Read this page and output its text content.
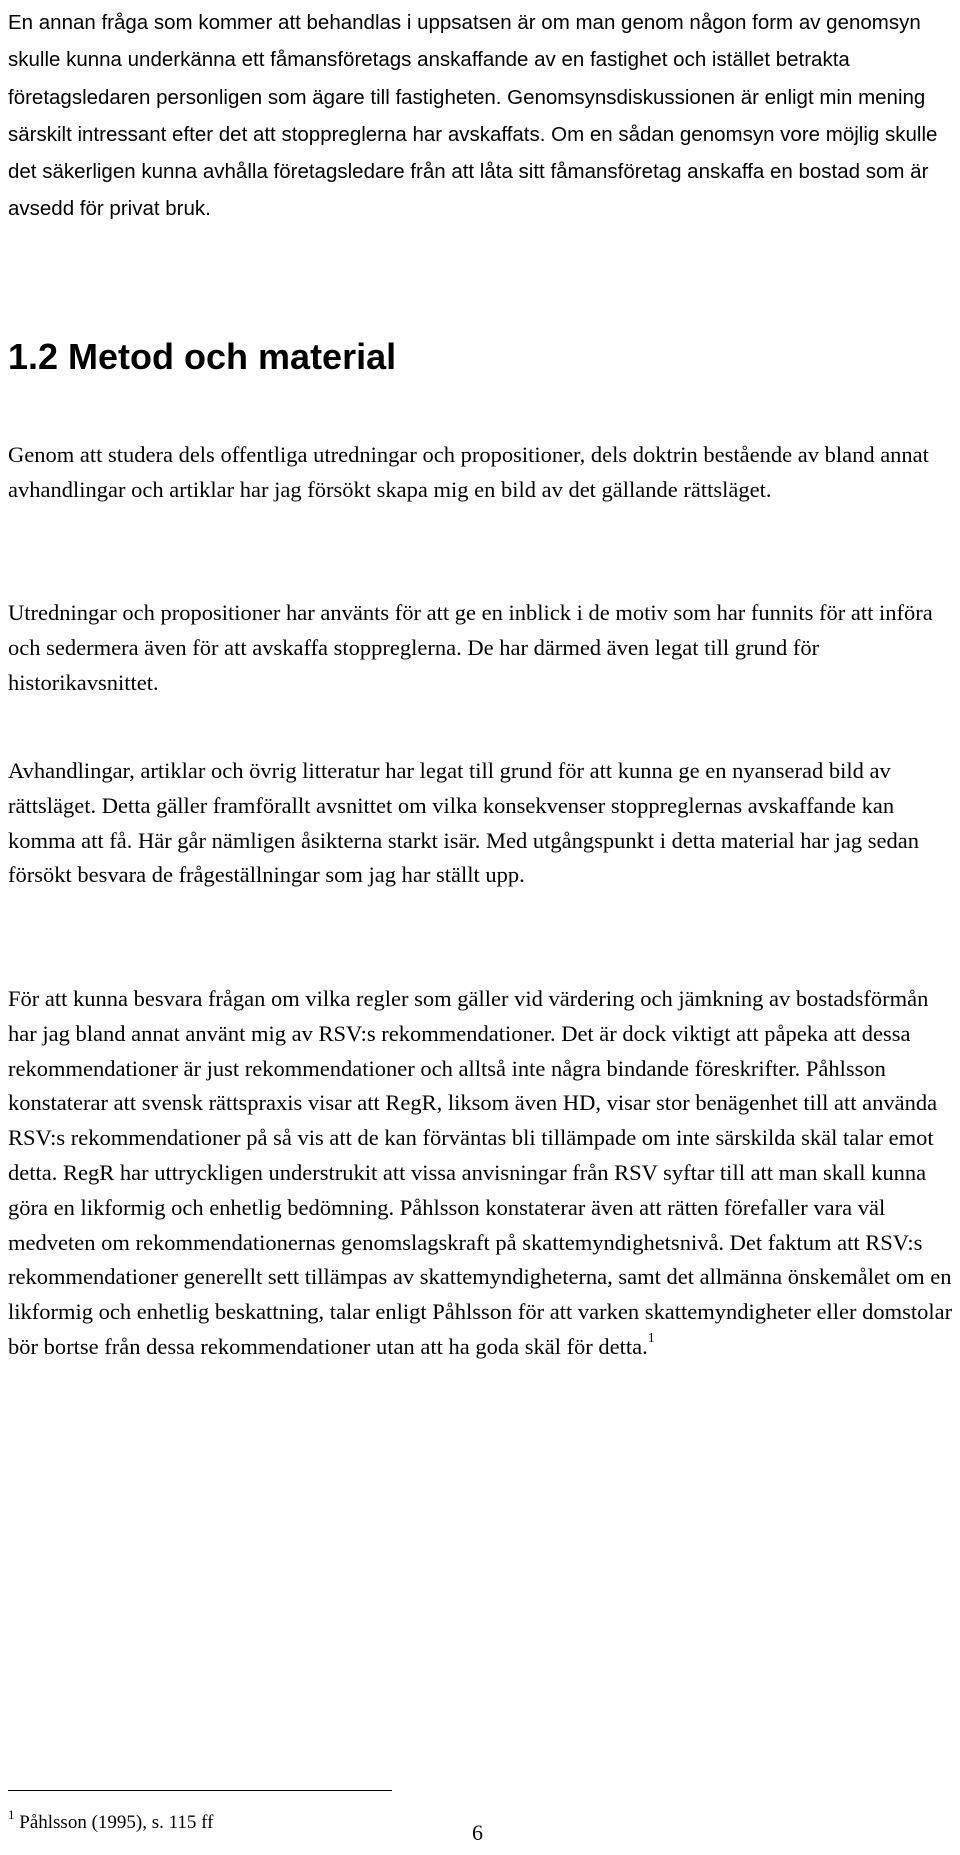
En annan fråga som kommer att behandlas i uppsatsen är om man genom någon form av genomsyn skulle kunna underkänna ett fåmansföretags anskaffande av en fastighet och istället betrakta företagsledaren personligen som ägare till fastigheten. Genomsynsdiskussionen är enligt min mening särskilt intressant efter det att stoppreglerna har avskaffats. Om en sådan genomsyn vore möjlig skulle det säkerligen kunna avhålla företagsledare från att låta sitt fåmansföretag anskaffa en bostad som är avsedd för privat bruk.

1.2 Metod och material

Genom att studera dels offentliga utredningar och propositioner, dels doktrin bestående av bland annat avhandlingar och artiklar har jag försökt skapa mig en bild av det gällande rättsläget.

Utredningar och propositioner har använts för att ge en inblick i de motiv som har funnits för att införa och sedermera även för att avskaffa stoppreglerna. De har därmed även legat till grund för historikavsnittet.

Avhandlingar, artiklar och övrig litteratur har legat till grund för att kunna ge en nyanserad bild av rättsläget. Detta gäller framförallt avsnittet om vilka konsekvenser stoppreglernas avskaffande kan komma att få. Här går nämligen åsikterna starkt isär. Med utgångspunkt i detta material har jag sedan försökt besvara de frågeställningar som jag har ställt upp.

För att kunna besvara frågan om vilka regler som gäller vid värdering och jämkning av bostadsförmån har jag bland annat använt mig av RSV:s rekommendationer. Det är dock viktigt att påpeka att dessa rekommendationer är just rekommendationer och alltså inte några bindande föreskrifter. Påhlsson konstaterar att svensk rättspraxis visar att RegR, liksom även HD, visar stor benägenhet till att använda RSV:s rekommendationer på så vis att de kan förväntas bli tillämpade om inte särskilda skäl talar emot detta. RegR har uttryckligen understrukit att vissa anvisningar från RSV syftar till att man skall kunna göra en likformig och enhetlig bedömning. Påhlsson konstaterar även att rätten förefaller vara väl medveten om rekommendationernas genomslagskraft på skattemyndighetsnivå. Det faktum att RSV:s rekommendationer generellt sett tillämpas av skattemyndigheterna, samt det allmänna önskemålet om en likformig och enhetlig beskattning, talar enligt Påhlsson för att varken skattemyndigheter eller domstolar bör bortse från dessa rekommendationer utan att ha goda skäl för detta.$^1$

$^1$ Påhlsson (1995), s. 115 ff	6
